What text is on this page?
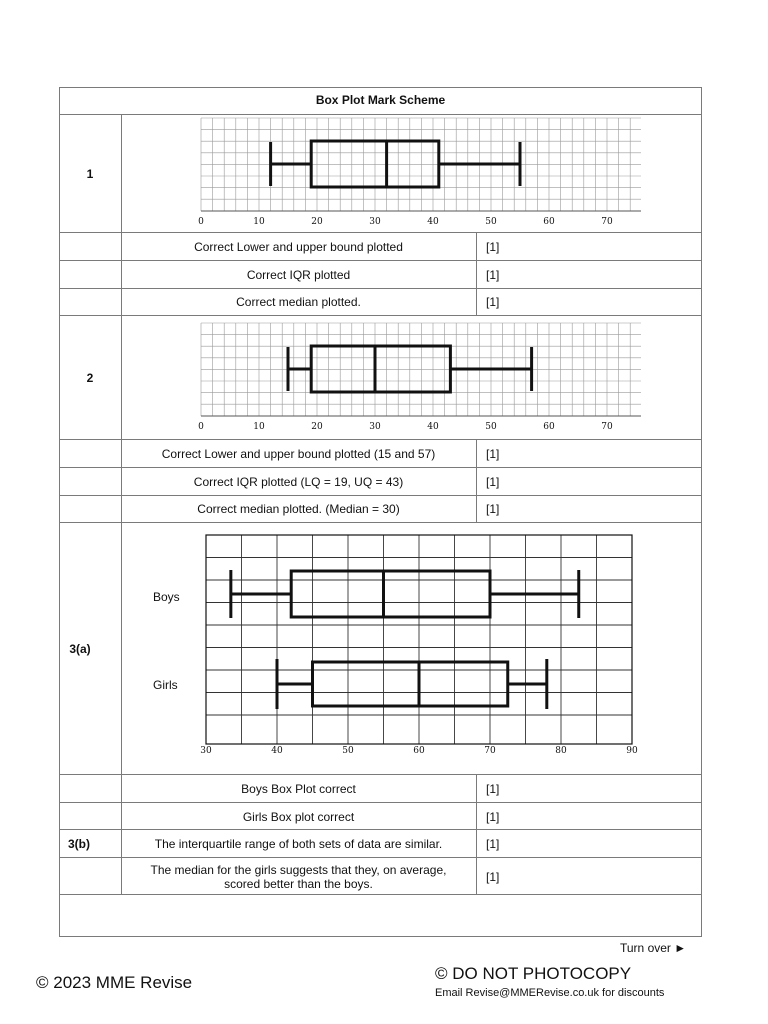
Box Plot Mark Scheme
1
0	10	20	30	40	50	60	70
0	10	20	30	40	50	60	70
30	40	50	60	70	80	90
Correct Lower and upper bound plotted	[1]
Correct IQR plotted	[1]
Correct median plotted.	[1]
2
Correct Lower and upper bound plotted (15 and 57)	[1]
Correct IQR plotted (LQ = 19, UQ = 43)	[1]
Correct median plotted. (Median = 30)	[1]
3(a)
Boys
Girls
Boys Box Plot correct	[1]
Girls Box plot correct	[1]
3(b)	The interquartile range of both sets of data are similar.	[1]
The median for the girls suggests that they, on average,
scored better than the boys.	[1]
Turn over ►
© 2023 MME Revise	© DO NOT PHOTOCOPY
Email Revise@MMERevise.co.uk for discounts
